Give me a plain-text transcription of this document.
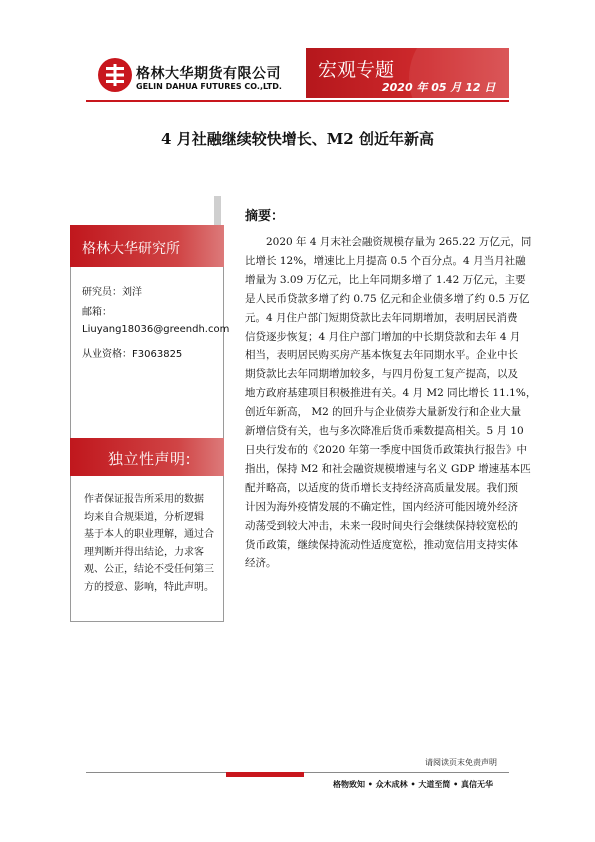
格林大华期货有限公司
GELIN DAHUA FUTURES CO.,LTD.
宏观专题
2020 年 05 月 12 日
4 月社融继续较快增长、M2 创近年新高
格林大华研究所
研究员：刘洋
邮箱：
Liuyang18036@greendh.com
从业资格：F3063825
独立性声明:
作者保证报告所采用的数据
均来自合规渠道，分析逻辑
基于本人的职业理解，通过合
理判断并得出结论，力求客
观、公正，结论不受任何第三
方的授意、影响，特此声明。
摘要：
2020 年 4 月末社会融资规模存量为 265.22 万亿元，同
比增长 12%，增速比上月提高 0.5 个百分点。4 月当月社融
增量为 3.09 万亿元，比上年同期多增了 1.42 万亿元，主要
是人民币贷款多增了约 0.75 亿元和企业债多增了约 0.5 万亿
元。4 月住户部门短期贷款比去年同期增加，表明居民消费
信贷逐步恢复；4 月住户部门增加的中长期贷款和去年 4 月
相当，表明居民购买房产基本恢复去年同期水平。企业中长
期贷款比去年同期增加较多，与四月份复工复产提高，以及
地方政府基建项目积极推进有关。4 月 M2 同比增长 11.1%，
创近年新高， M2 的回升与企业债券大量新发行和企业大量
新增信贷有关，也与多次降准后货币乘数提高相关。5 月 10
日央行发布的《2020 年第一季度中国货币政策执行报告》中
指出，保持 M2 和社会融资规模增速与名义 GDP 增速基本匹
配并略高，以适度的货币增长支持经济高质量发展。我们预
计因为海外疫情发展的不确定性，国内经济可能因境外经济
动荡受到较大冲击，未来一段时间央行会继续保持较宽松的
货币政策，继续保持流动性适度宽松，推动宽信用支持实体
经济。
请阅读页末免责声明
格物致知 • 众木成林 • 大道至简 • 真信无华
